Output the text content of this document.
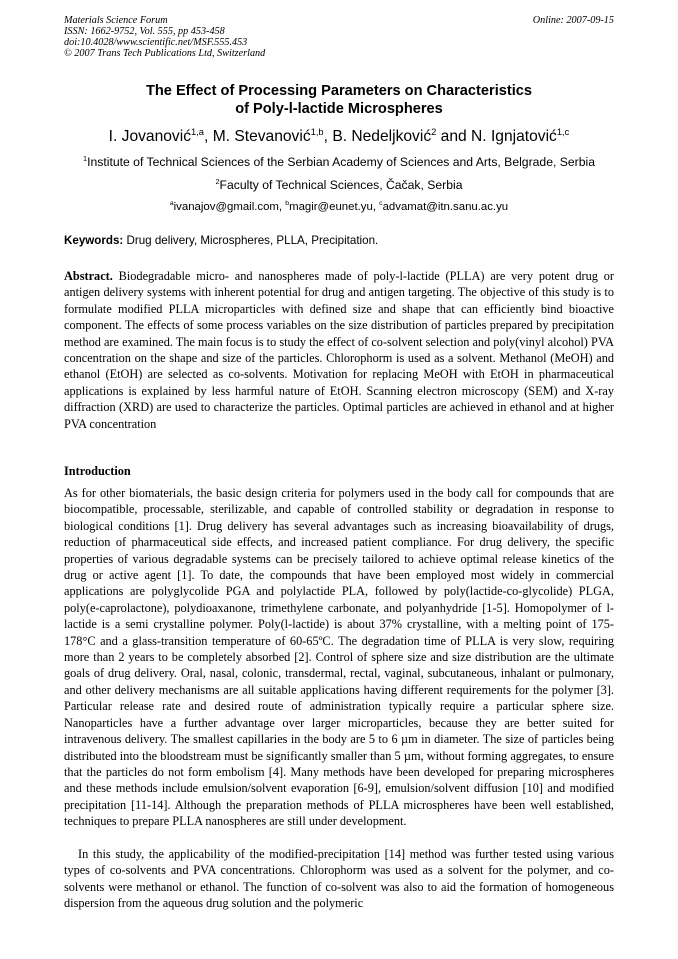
Materials Science Forum
ISSN: 1662-9752, Vol. 555, pp 453-458
doi:10.4028/www.scientific.net/MSF.555.453
© 2007 Trans Tech Publications Ltd, Switzerland
Online: 2007-09-15
The Effect of Processing Parameters on Characteristics
of Poly-l-lactide Microspheres
I. Jovanović$^{1,a}$, M. Stevanović$^{1,b}$, B. Nedeljković$^2$ and N. Ignjatović$^{1,c}$
$^1$Institute of Technical Sciences of the Serbian Academy of Sciences and Arts, Belgrade, Serbia
$^2$Faculty of Technical Sciences, Čačak, Serbia
$^a$ivanajov@gmail.com, $^b$magir@eunet.yu, $^c$advamat@itn.sanu.ac.yu
Keywords: Drug delivery, Microspheres, PLLA, Precipitation.
Abstract. Biodegradable micro- and nanospheres made of poly-l-lactide (PLLA) are very potent drug or antigen delivery systems with inherent potential for drug and antigen targeting. The objective of this study is to formulate modified PLLA microparticles with defined size and shape that can efficiently bind bioactive component. The effects of some process variables on the size distribution of particles prepared by precipitation method are examined. The main focus is to study the effect of co-solvent selection and poly(vinyl alcohol) PVA concentration on the shape and size of the particles. Chlorophorm is used as a solvent. Methanol (MeOH) and ethanol (EtOH) are selected as co-solvents. Motivation for replacing MeOH with EtOH in pharmaceutical applications is explained by less harmful nature of EtOH. Scanning electron microscopy (SEM) and X-ray diffraction (XRD) are used to characterize the particles. Optimal particles are achieved in ethanol and at higher PVA concentration
Introduction
As for other biomaterials, the basic design criteria for polymers used in the body call for compounds that are biocompatible, processable, sterilizable, and capable of controlled stability or degradation in response to biological conditions [1]. Drug delivery has several advantages such as increasing bioavailability of drugs, reduction of pharmaceutical side effects, and increased patient compliance. For drug delivery, the specific properties of various degradable systems can be precisely tailored to achieve optimal release kinetics of the drug or active agent [1]. To date, the compounds that have been employed most widely in commercial applications are polyglycolide PGA and polylactide PLA, followed by poly(lactide-co-glycolide) PLGA, poly(e-caprolactone), polydioaxanone, trimethylene carbonate, and polyanhydride [1-5]. Homopolymer of l-lactide is a semi crystalline polymer. Poly(l-lactide) is about 37% crystalline, with a melting point of 175-178°C and a glass-transition temperature of 60-65ºC. The degradation time of PLLA is very slow, requiring more than 2 years to be completely absorbed [2]. Control of sphere size and size distribution are the ultimate goals of drug delivery. Oral, nasal, colonic, transdermal, rectal, vaginal, subcutaneous, inhalant or pulmonary, and other delivery mechanisms are all suitable applications having different requirements for the polymer [3]. Particular release rate and desired route of administration typically require a particular sphere size. Nanoparticles have a further advantage over larger microparticles, because they are better suited for intravenous delivery. The smallest capillaries in the body are 5 to 6 µm in diameter. The size of particles being distributed into the bloodstream must be significantly smaller than 5 µm, without forming aggregates, to ensure that the particles do not form embolism [4]. Many methods have been developed for preparing microspheres and these methods include emulsion/solvent evaporation [6-9], emulsion/solvent diffusion [10] and modified precipitation [11-14]. Although the preparation methods of PLLA microspheres have been well established, techniques to prepare PLLA nanospheres are still under development.
In this study, the applicability of the modified-precipitation [14] method was further tested using various types of co-solvents and PVA concentrations. Chlorophorm was used as a solvent for the polymer, and co-solvents were methanol or ethanol. The function of co-solvent was also to aid the formation of homogeneous dispersion from the aqueous drug solution and the polymeric
